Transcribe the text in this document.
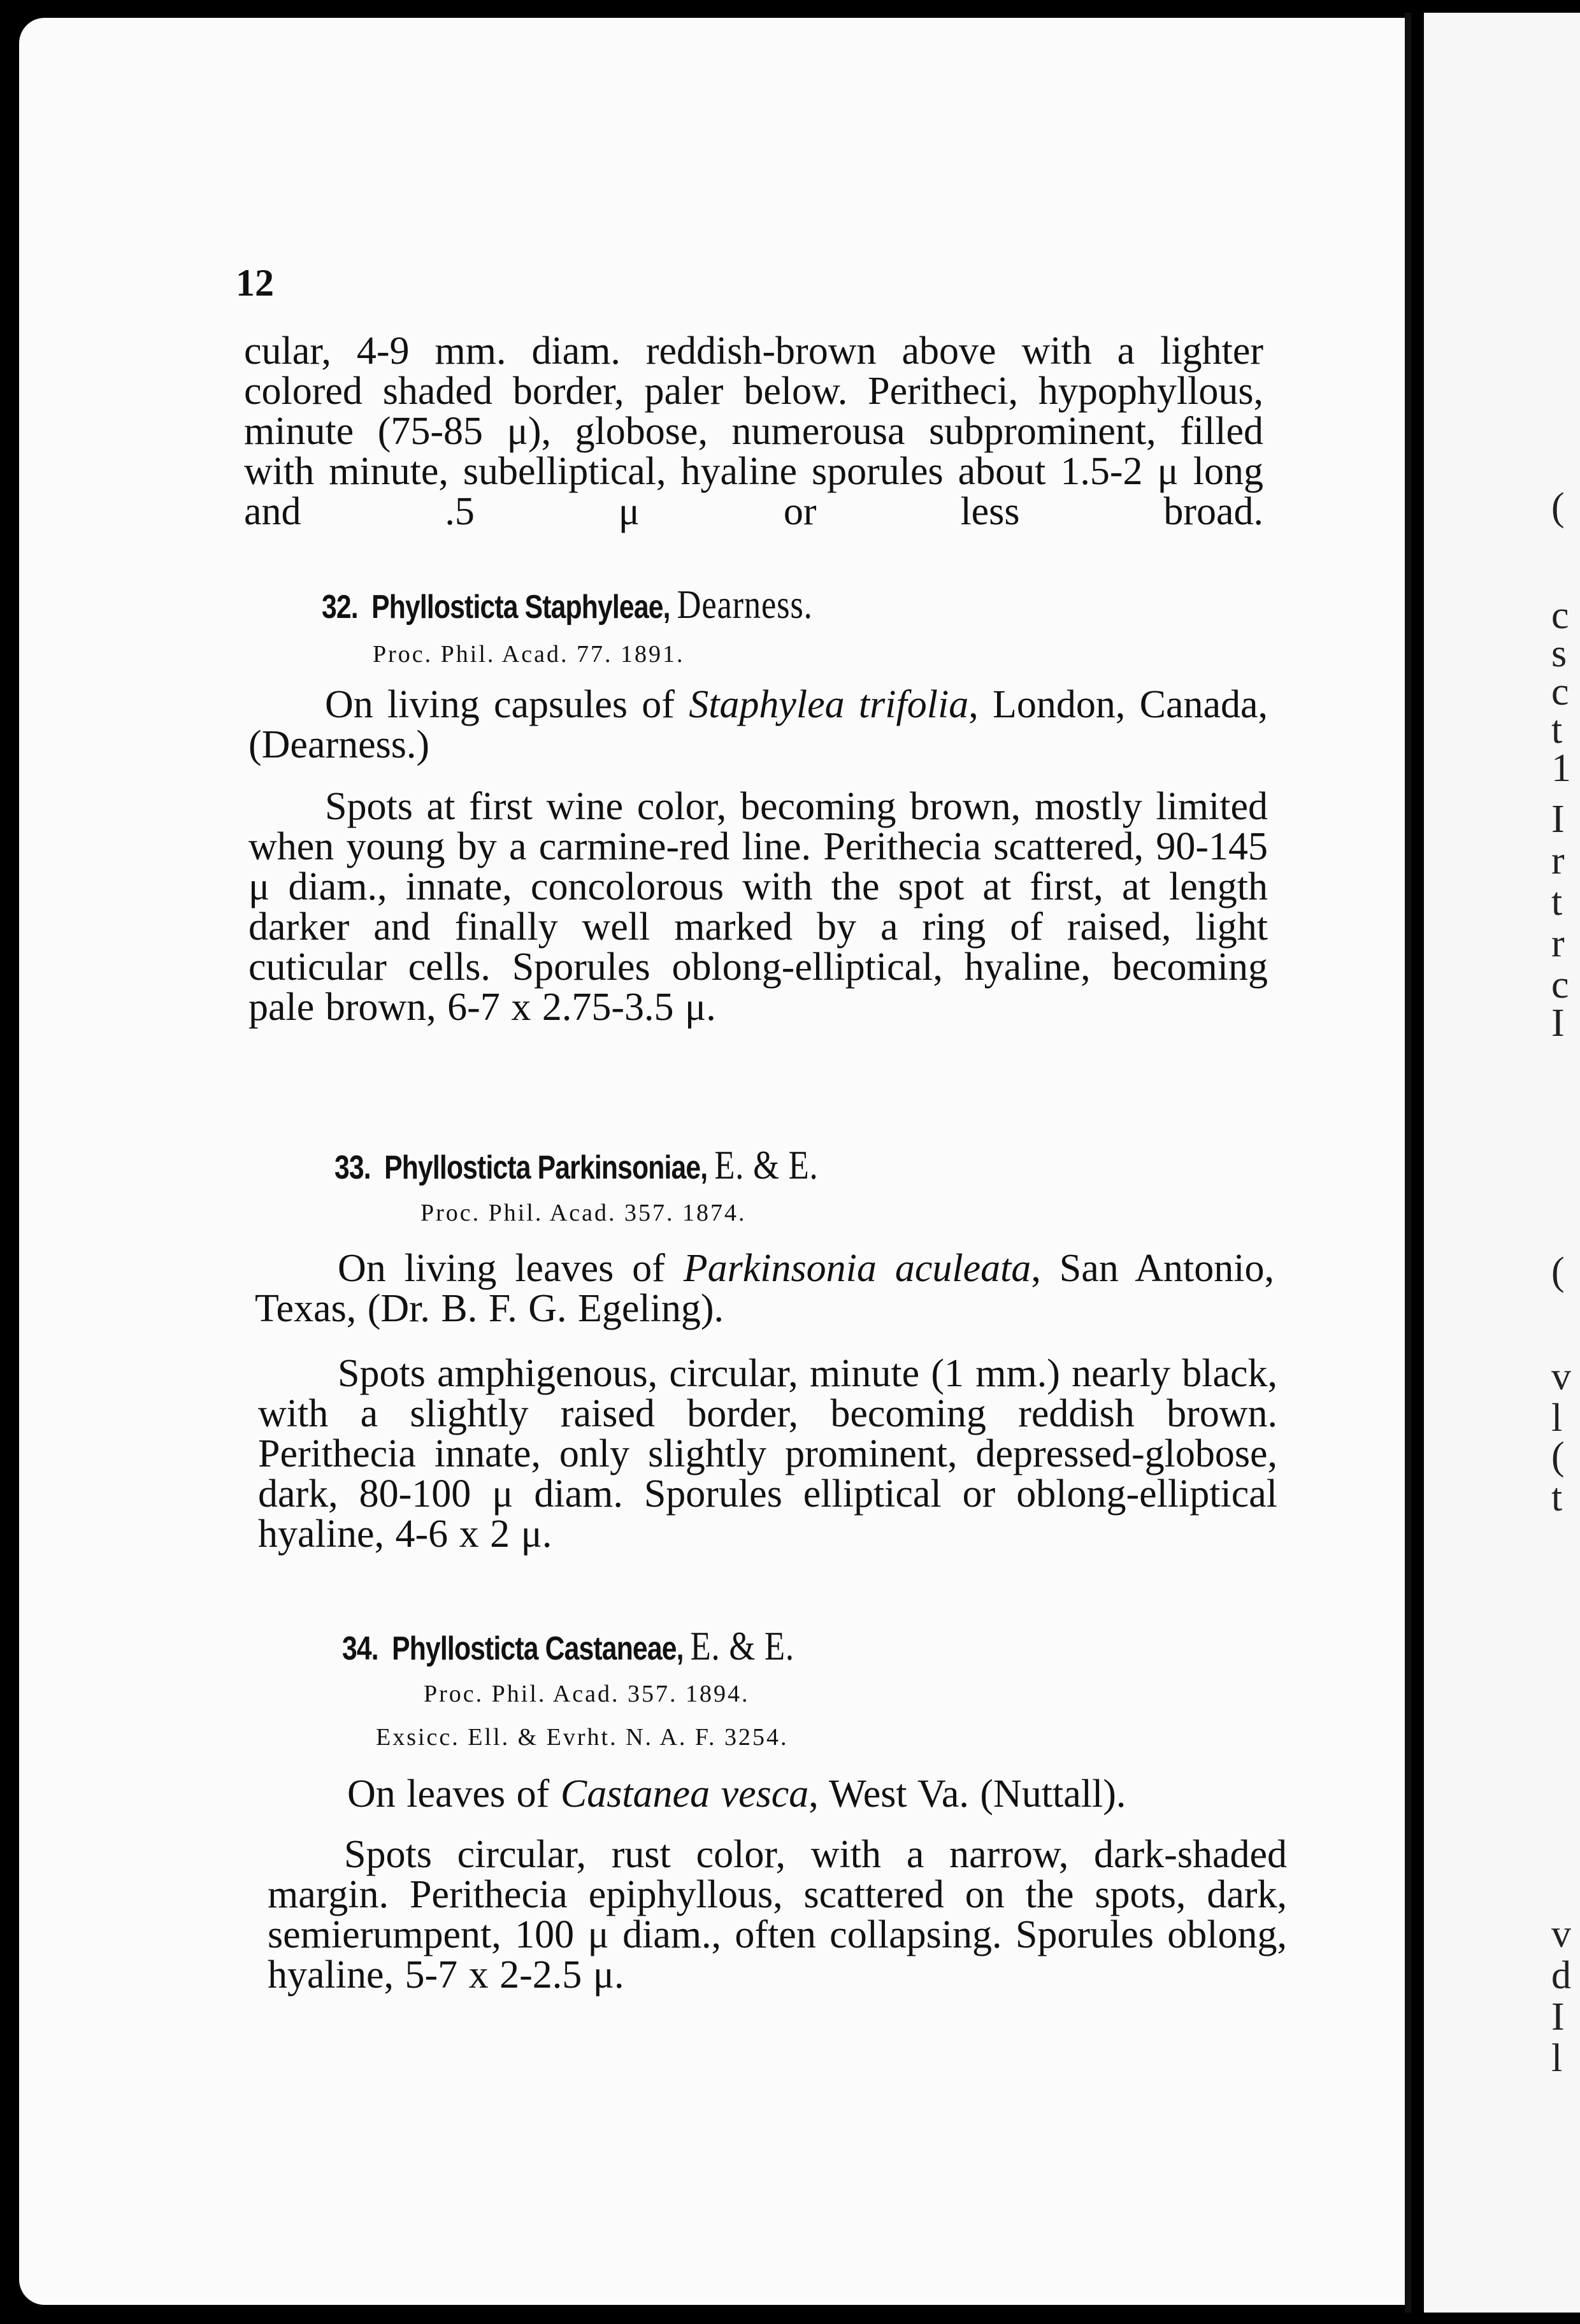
(
c
s
c
t
1
I
r
t
r
c
I
(
v
l
(
t
v
d
I
l
12

cular, 4-9 mm. diam. reddish-brown above with a lighter colored shaded border, paler below. Peritheci, hypophyllous, minute (75-85 μ), globose, numerousa subprominent, filled with minute, subelliptical, hyaline sporules about 1.5-2 μ long and .5 μ or less broad.

32. Phyllosticta Staphyleae, Dearness.
Proc. Phil. Acad. 77. 1891.

On living capsules of Staphylea trifolia, London, Canada, (Dearness.)

Spots at first wine color, becoming brown, mostly limited when young by a carmine-red line. Perithecia scattered, 90-145 μ diam., innate, concolorous with the spot at first, at length darker and finally well marked by a ring of raised, light cuticular cells. Sporules oblong-elliptical, hyaline, becoming pale brown, 6-7 x 2.75-3.5 μ.

33. Phyllosticta Parkinsoniae, E. & E.
Proc. Phil. Acad. 357. 1874.

On living leaves of Parkinsonia aculeata, San Antonio, Texas, (Dr. B. F. G. Egeling).

Spots amphigenous, circular, minute (1 mm.) nearly black, with a slightly raised border, becoming reddish brown. Perithecia innate, only slightly prominent, depressed-globose, dark, 80-100 μ diam. Sporules elliptical or oblong-elliptical hyaline, 4-6 x 2 μ.

34. Phyllosticta Castaneae, E. & E.
Proc. Phil. Acad. 357. 1894.
Exsicc. Ell. & Evrht. N. A. F. 3254.

On leaves of Castanea vesca, West Va. (Nuttall).

Spots circular, rust color, with a narrow, dark-shaded margin. Perithecia epiphyllous, scattered on the spots, dark, semierumpent, 100 μ diam., often collapsing. Sporules oblong, hyaline, 5-7 x 2-2.5 μ.
